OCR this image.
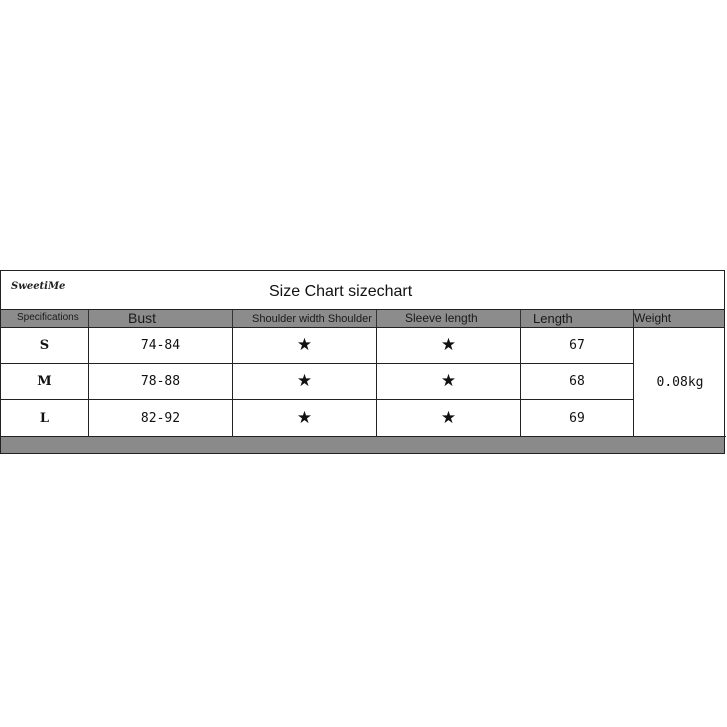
SweetiMe	Size Chart sizechart
Specifications	Bust	Shoulder width Shoulder	Sleeve length	Length	Weight
S	74-84	★	★	67
M	78-88	★	★	68
L	82-92	★	★	69
0.08kg
